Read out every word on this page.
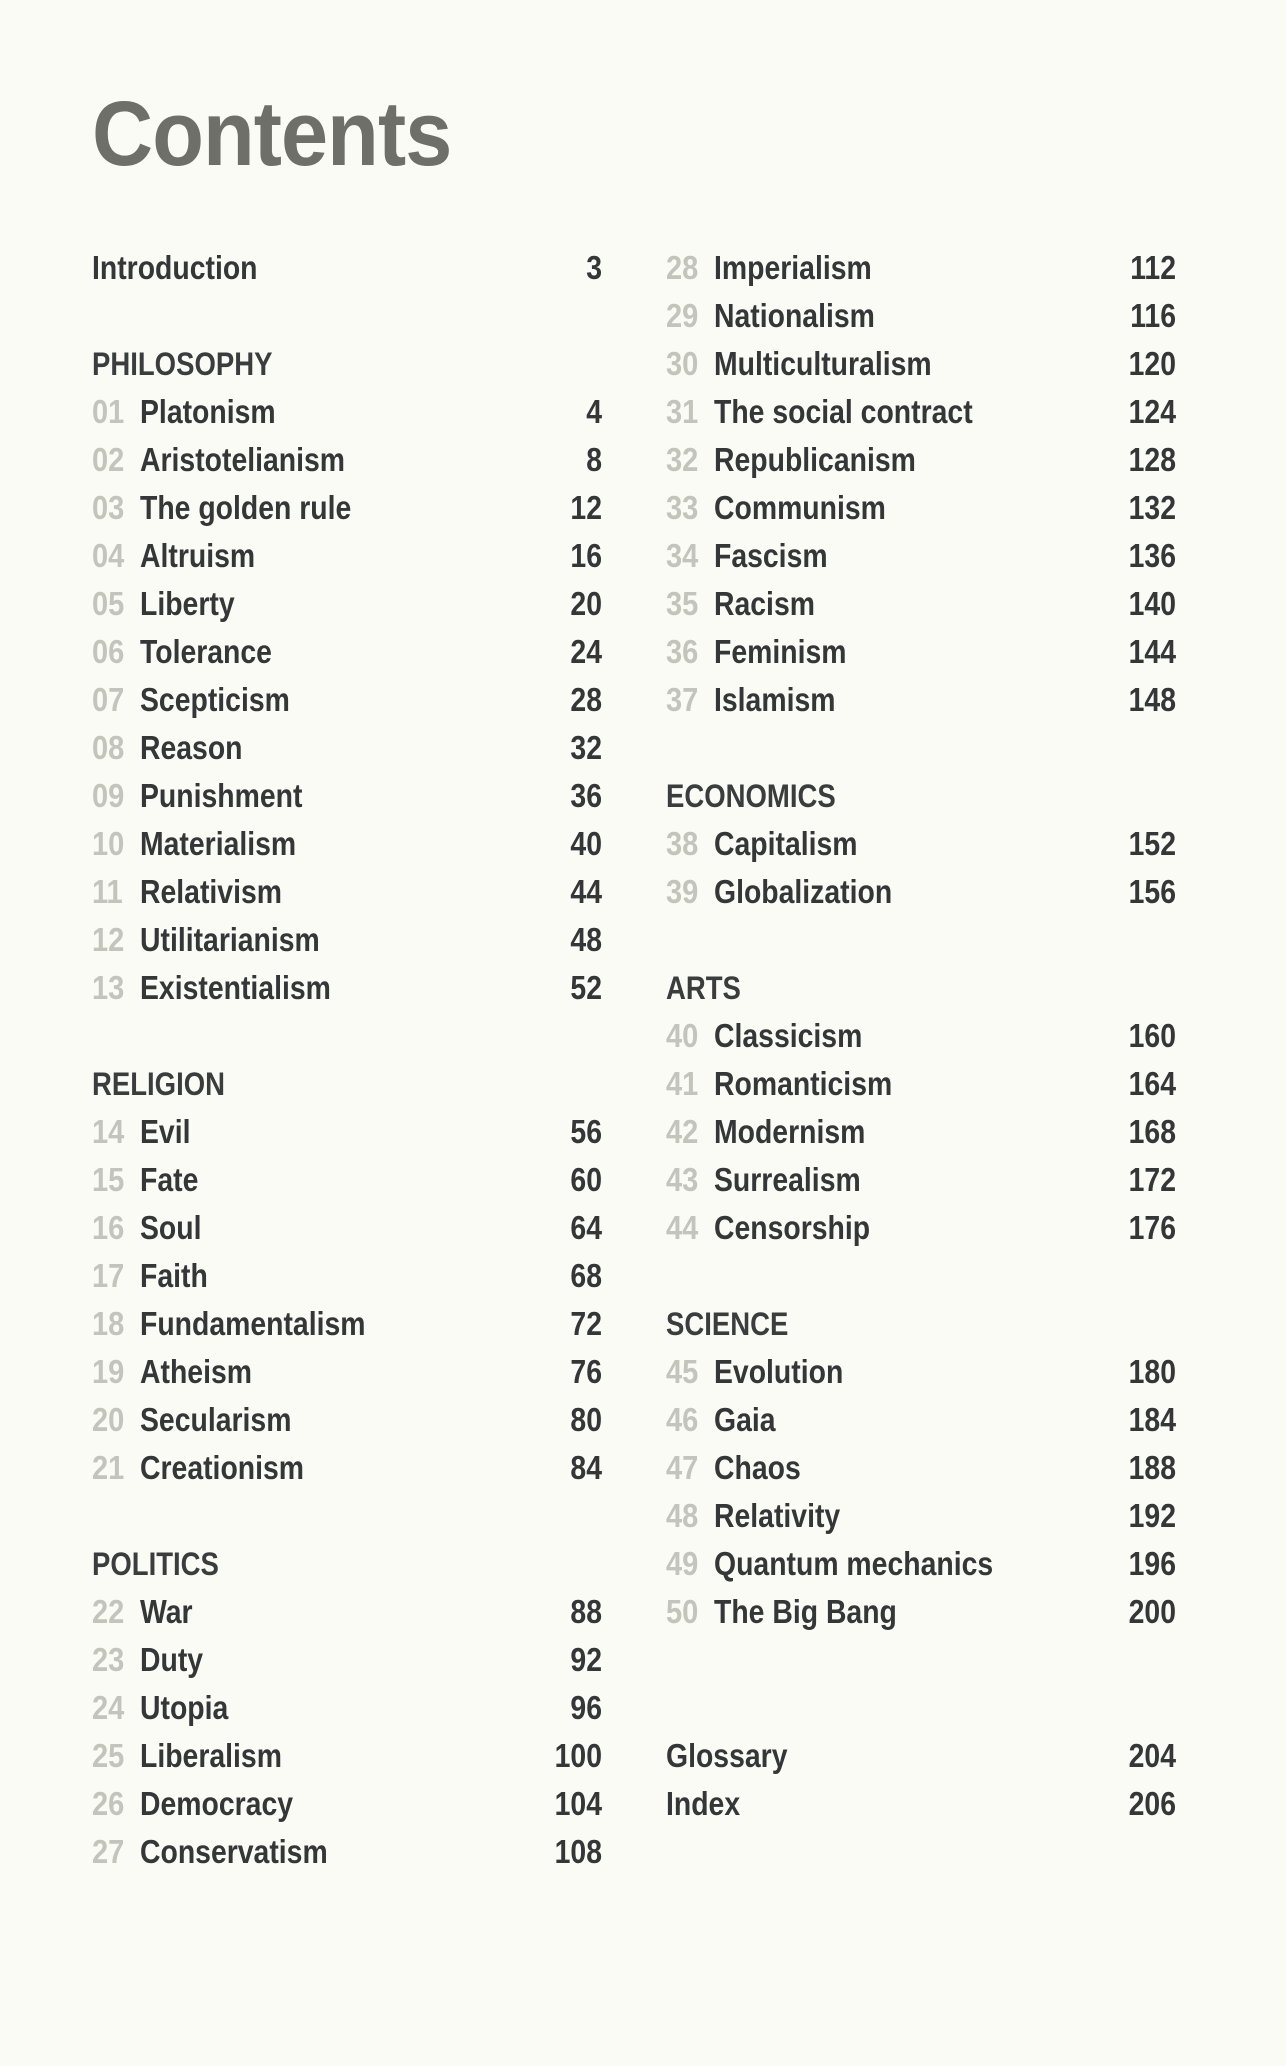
Contents
Introduction	3
PHILOSOPHY
01 Platonism	4
02 Aristotelianism	8
03 The golden rule	12
04 Altruism	16
05 Liberty	20
06 Tolerance	24
07 Scepticism	28
08 Reason	32
09 Punishment	36
10 Materialism	40
11 Relativism	44
12 Utilitarianism	48
13 Existentialism	52
RELIGION
14 Evil	56
15 Fate	60
16 Soul	64
17 Faith	68
18 Fundamentalism	72
19 Atheism	76
20 Secularism	80
21 Creationism	84
POLITICS
22 War	88
23 Duty	92
24 Utopia	96
25 Liberalism	100
26 Democracy	104
27 Conservatism	108
28 Imperialism	112
29 Nationalism	116
30 Multiculturalism	120
31 The social contract	124
32 Republicanism	128
33 Communism	132
34 Fascism	136
35 Racism	140
36 Feminism	144
37 Islamism	148
ECONOMICS
38 Capitalism	152
39 Globalization	156
ARTS
40 Classicism	160
41 Romanticism	164
42 Modernism	168
43 Surrealism	172
44 Censorship	176
SCIENCE
45 Evolution	180
46 Gaia	184
47 Chaos	188
48 Relativity	192
49 Quantum mechanics	196
50 The Big Bang	200
Glossary	204
Index	206
